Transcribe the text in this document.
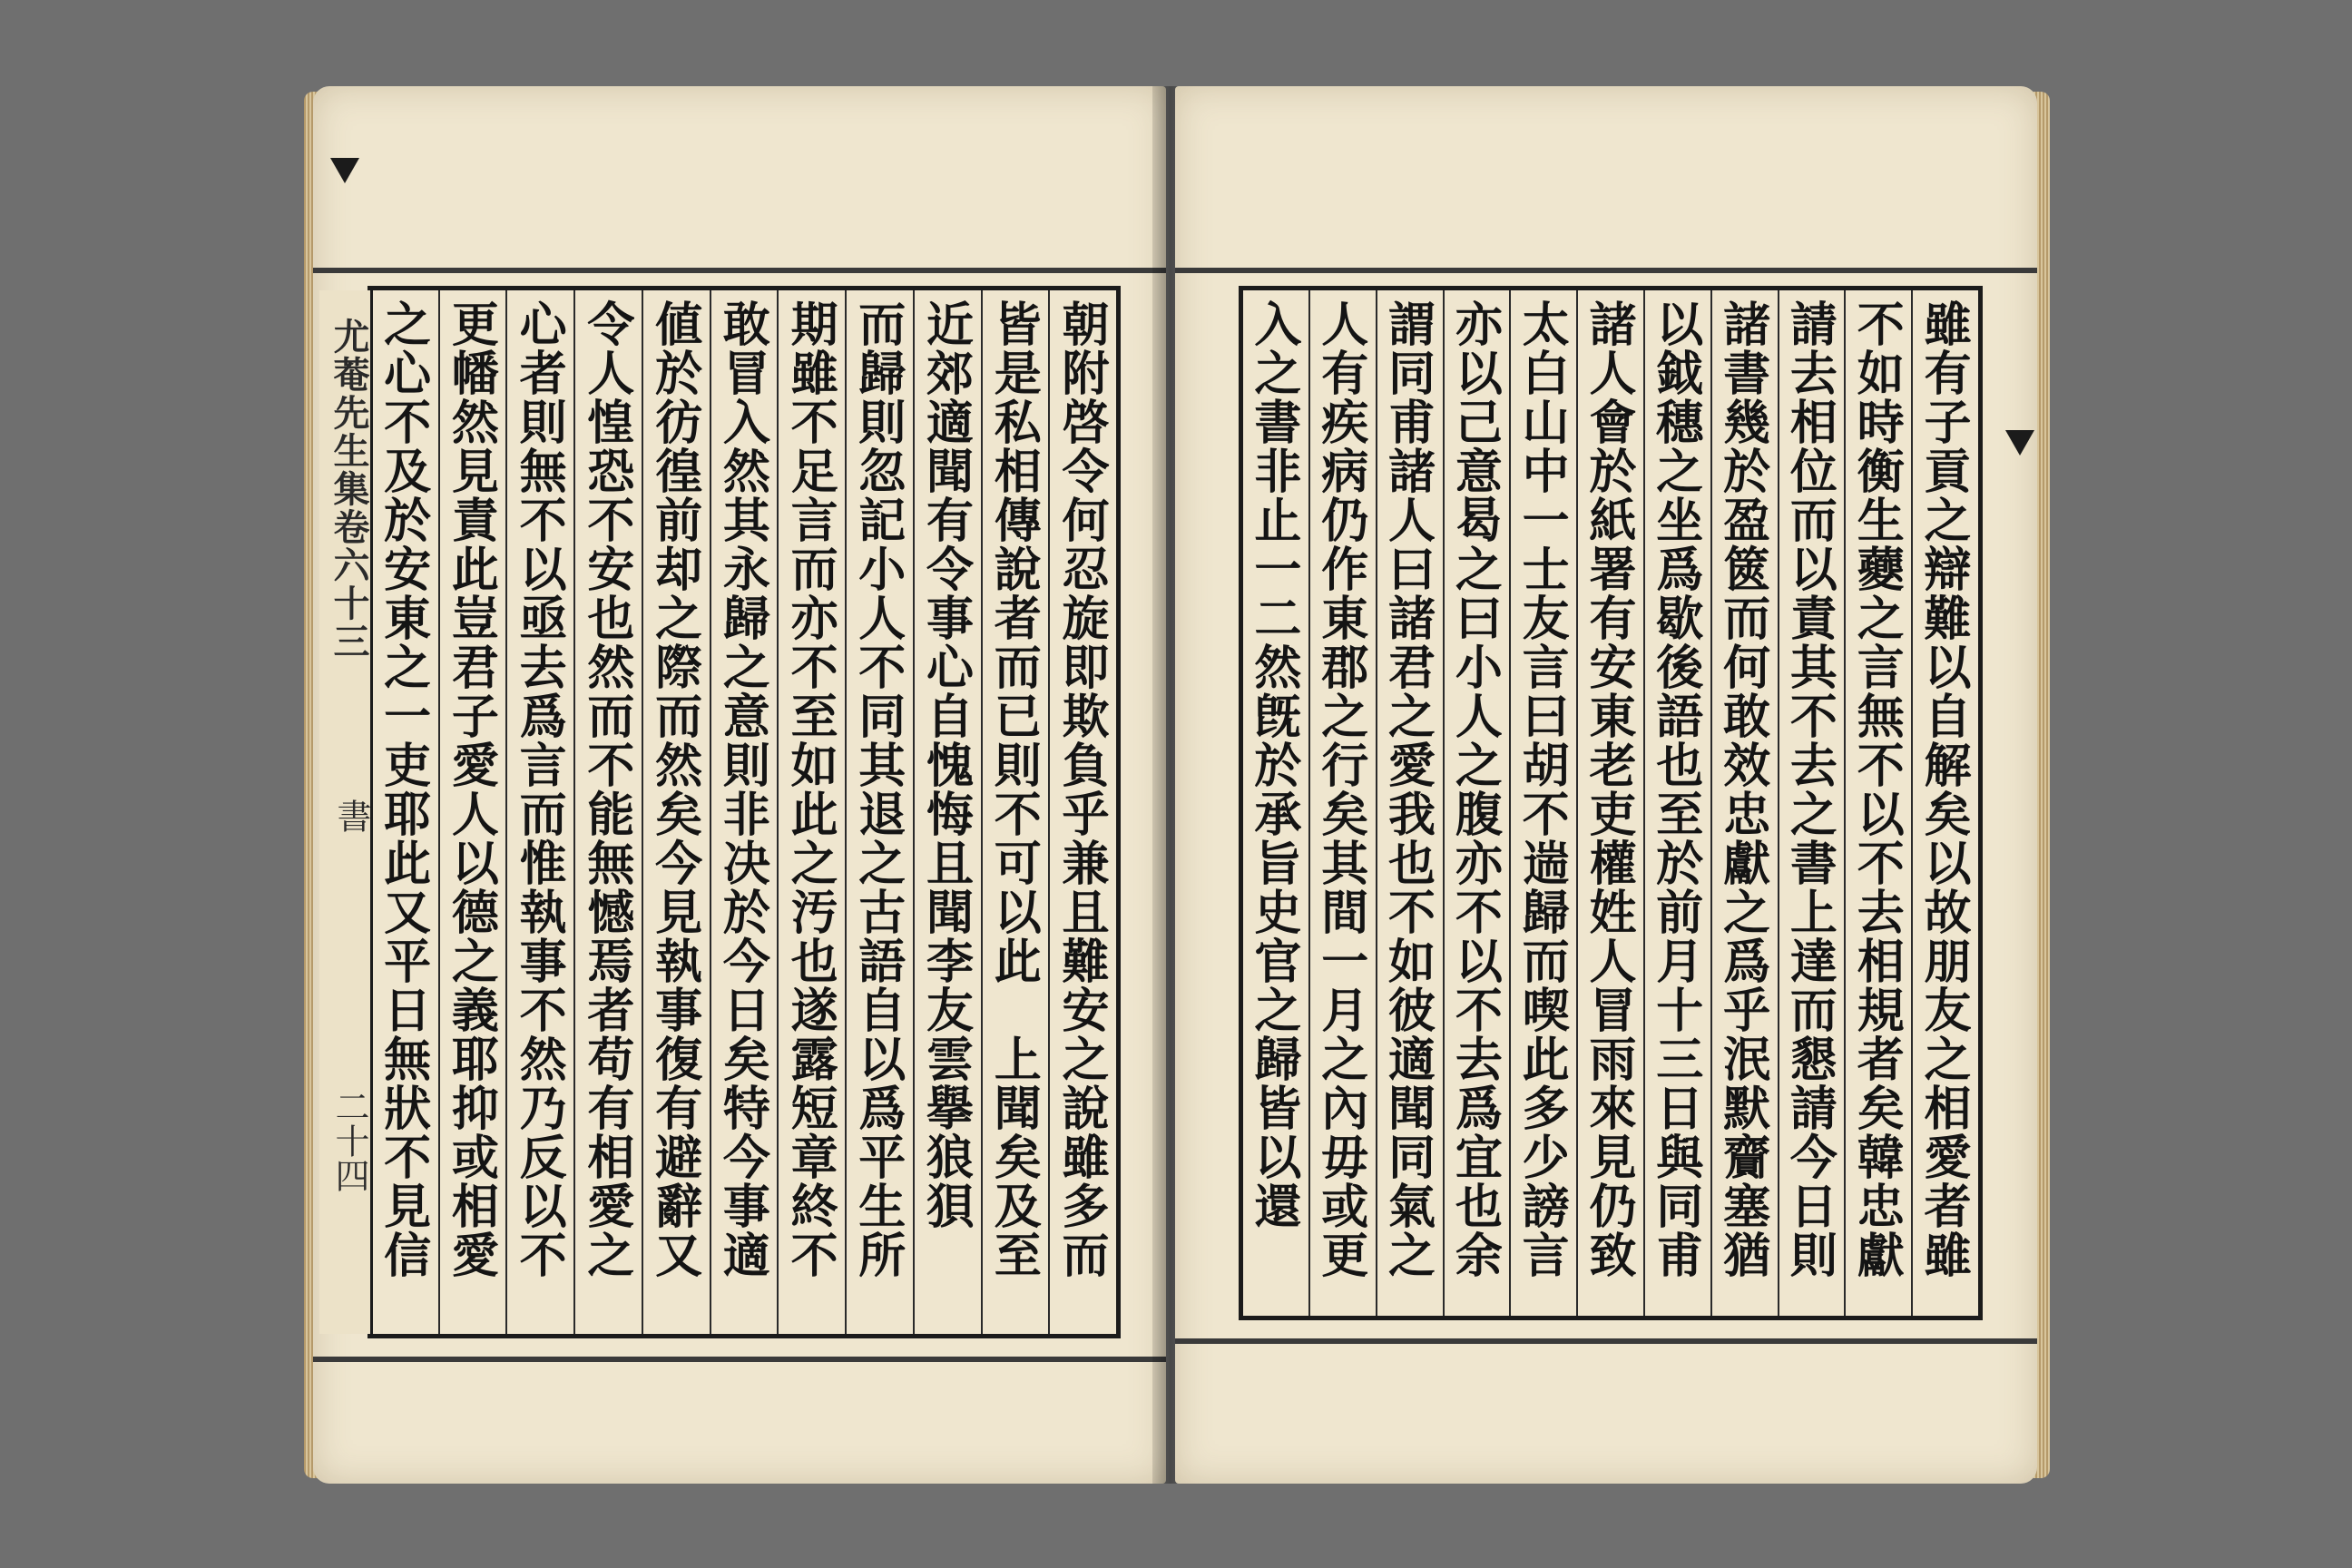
尤菴先生集卷六十三
書
二十四	朝附啓令何忍旋即欺負乎兼且難安之說雖多而
皆是私相傳說者而已則不可以此　上聞矣及至
近郊適聞有令事心自愧悔且聞李友雲擧狼狽
而歸則忽記小人不同其退之古語自以爲平生所
期雖不足言而亦不至如此之汚也遂露短章終不
敢冒入然其永歸之意則非决於今日矣特今事適
値於彷徨前却之際而然矣今見執事復有避辭又
令人惶恐不安也然而不能無憾焉者苟有相愛之
心者則無不以亟去爲言而惟執事不然乃反以不
更幡然見責此豈君子愛人以德之義耶抑或相愛
之心不及於安東之一吏耶此又平日無狀不見信	雖有子貢之辯難以自解矣以故朋友之相愛者雖
不如時衡生蘷之言無不以不去相規者矣韓忠獻
請去相位而以責其不去之書上達而懇請今日則
諸書幾於盈篋而何敢效忠獻之爲乎泯默齎塞猶
以鉞穗之坐爲歇後語也至於前月十三日與同甫
諸人會於紙署有安東老吏權姓人冒雨來見仍致
太白山中一士友言曰胡不遄歸而喫此多少謗言
亦以己意曷之曰小人之腹亦不以不去爲宜也余
謂同甫諸人曰諸君之愛我也不如彼適聞同氣之
人有疾病仍作東郡之行矣其間一月之內毋或更
入之書非止一二然旣於承旨史官之歸皆以還
